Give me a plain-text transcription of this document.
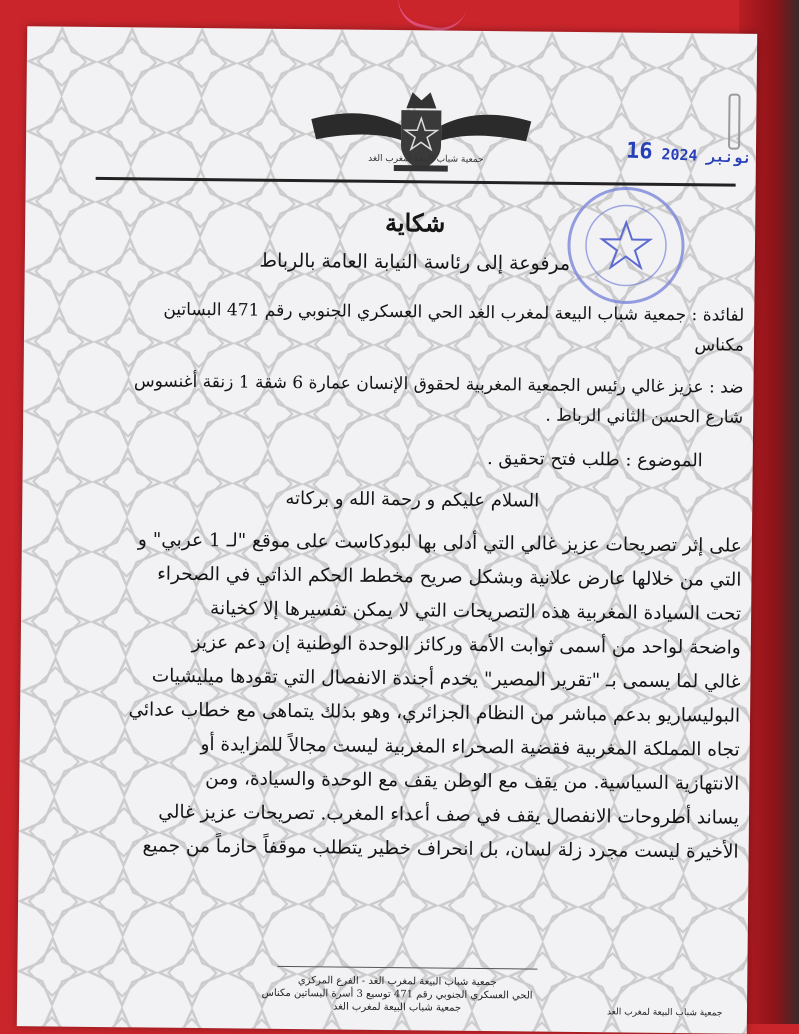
جمعية شباب البيعة لمغرب الغد	نونبر 2024 16
شكاية
مرفوعة إلى رئاسة النيابة العامة بالرباط

لفائدة : جمعية شباب البيعة لمغرب الغد الحي العسكري الجنوبي رقم 471 البساتين

مكناس

ضد : عزيز غالي رئيس الجمعية المغربية لحقوق الإنسان عمارة 6 شقة 1 زنقة أغنسوس

شارع الحسن الثاني الرباط .

الموضوع : طلب فتح تحقيق .
السلام عليكم و رحمة الله و بركاته
على إثر تصريحات عزيز غالي التي أدلى بها لبودكاست على موقع "لـ 1 عربي" و
التي من خلالها عارض علانية وبشكل صريح مخطط الحكم الذاتي في الصحراء
تحت السيادة المغربية هذه التصريحات التي لا يمكن تفسيرها إلا كخيانة
واضحة لواحد من أسمى ثوابت الأمة وركائز الوحدة الوطنية إن دعم عزيز
غالي لما يسمى بـ "تقرير المصير" يخدم أجندة الانفصال التي تقودها ميليشيات
البوليساريو بدعم مباشر من النظام الجزائري، وهو بذلك يتماهى مع خطاب عدائي
تجاه المملكة المغربية فقضية الصحراء المغربية ليست مجالاً للمزايدة أو
الانتهازية السياسية. من يقف مع الوطن يقف مع الوحدة والسيادة، ومن
يساند أطروحات الانفصال يقف في صف أعداء المغرب. تصريحات عزيز غالي
الأخيرة ليست مجرد زلة لسان، بل انحراف خطير يتطلب موقفاً حازماً من جميع
جمعية شباب البيعة لمغرب الغد - الفرع المركزي
الحي العسكري الجنوبي رقم 471 توسيع 3 أسرة البساتين مكناس
جمعية شباب البيعة لمغرب الغد	جمعية شباب البيعة لمغرب الغد
